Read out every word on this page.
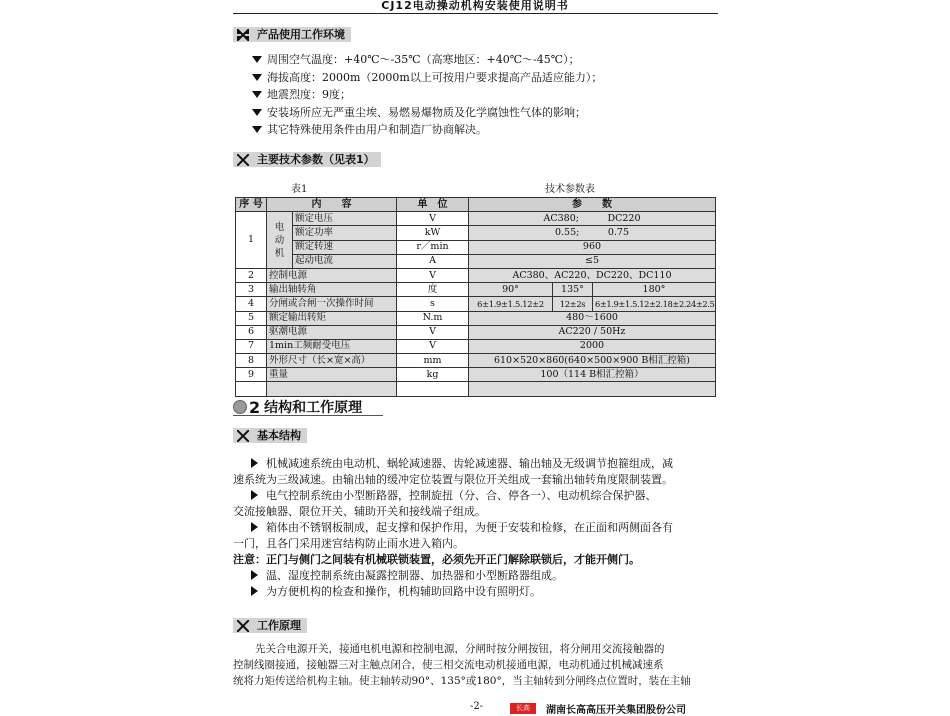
CJ12电动操动机构安装使用说明书
产品使用工作环境
周围空气温度：+40℃～-35℃（高寒地区：+40℃～-45℃）；
海拔高度：2000m（2000m以上可按用户要求提高产品适应能力）；
地震烈度：9度；
安装场所应无严重尘埃、易燃易爆物质及化学腐蚀性气体的影响；
其它特殊使用条件由用户和制造厂协商解决。
主要技术参数（见表1）
表1	技术参数表
序 号	内　　容		单　位	参　　数		
1	电动机	额定电压	V	AC380;　　　 DC220		
		额定功率	kW	0.55;　　　 0.75		
		额定转速	r／min	960		
		起动电流	A	≤5		
2	控制电源		V	AC380、AC220、DC220、DC110		
3	输出轴转角		度	90°	135°	180°
4	分闸或合闸一次操作时间		s	6±1.9±1.5.12±2	12±2s	6±1.9±1.5.12±2.18±2.24±2.5
5	额定输出转矩		N.m	480～1600		
6	驱潮电源		V	AC220 / 50Hz		
7	1min工频耐受电压		V	2000		
8	外形尺寸（长×宽×高）		mm	610×520×860(640×500×900 B相汇控箱)		
9	重量		kg	100（114 B相汇控箱）		

2 结构和工作原理
基本结构
机械减速系统由电动机、蜗轮减速器、齿轮减速器、输出轴及无级调节抱箍组成，减
速系统为三级减速。由输出轴的缓冲定位装置与限位开关组成一套输出轴转角度限制装置。
电气控制系统由小型断路器，控制旋扭（分、合、停各一）、电动机综合保护器、
交流接触器、限位开关、辅助开关和接线端子组成。
箱体由不锈钢板制成，起支撑和保护作用，为便于安装和检修，在正面和两侧面各有
一门，且各门采用迷宫结构防止雨水进入箱内。
注意：正门与侧门之间装有机械联锁装置，必须先开正门解除联锁后，才能开侧门。
温、湿度控制系统由凝露控制器、加热器和小型断路器组成。
为方便机构的检查和操作，机构辅助回路中设有照明灯。
工作原理
先关合电源开关，接通电机电源和控制电源，分闸时按分闸按钮，将分闸用交流接触器的
控制线圈接通，接触器三对主触点闭合，使三相交流电动机接通电源，电动机通过机械减速系
统将力矩传送给机构主轴。使主轴转动90°、135°或180°，当主轴转到分闸终点位置时，装在主轴
-2-	长高	湖南长高高压开关集团股份公司
